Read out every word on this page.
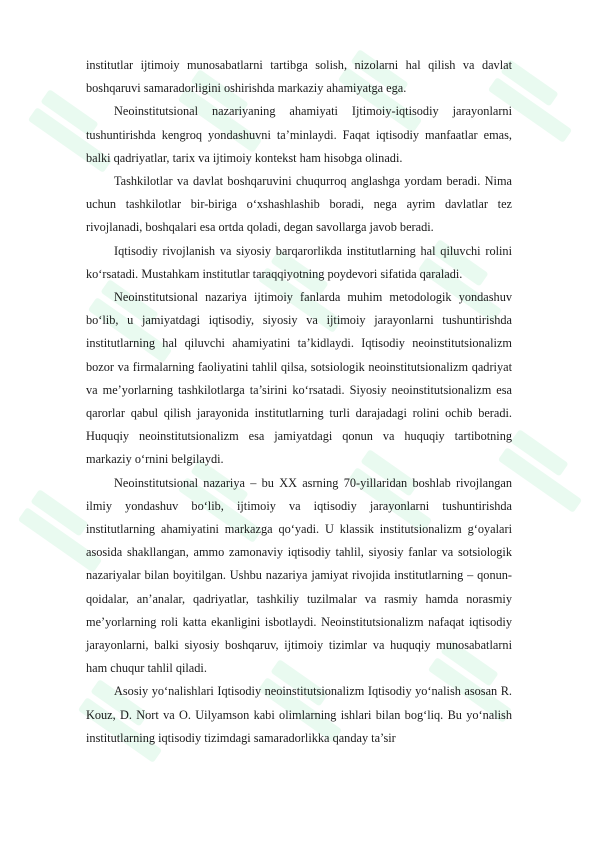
institutlar ijtimoiy munosabatlarni tartibga solish, nizolarni hal qilish va davlat boshqaruvi samaradorligini oshirishda markaziy ahamiyatga ega.

Neoinstitutsional nazariyaning ahamiyati Ijtimoiy-iqtisodiy jarayonlarni tushuntirishda kengroq yondashuvni ta’minlaydi. Faqat iqtisodiy manfaatlar emas, balki qadriyatlar, tarix va ijtimoiy kontekst ham hisobga olinadi.

Tashkilotlar va davlat boshqaruvini chuqurroq anglashga yordam beradi. Nima uchun tashkilotlar bir-biriga o‘xshashlashib boradi, nega ayrim davlatlar tez rivojlanadi, boshqalari esa ortda qoladi, degan savollarga javob beradi.

Iqtisodiy rivojlanish va siyosiy barqarorlikda institutlarning hal qiluvchi rolini ko‘rsatadi. Mustahkam institutlar taraqqiyotning poydevori sifatida qaraladi.

Neoinstitutsional nazariya ijtimoiy fanlarda muhim metodologik yondashuv bo‘lib, u jamiyatdagi iqtisodiy, siyosiy va ijtimoiy jarayonlarni tushuntirishda institutlarning hal qiluvchi ahamiyatini ta’kidlaydi. Iqtisodiy neoinstitutsionalizm bozor va firmalarning faoliyatini tahlil qilsa, sotsiologik neoinstitutsionalizm qadriyat va me’yorlarning tashkilotlarga ta’sirini ko‘rsatadi. Siyosiy neoinstitutsionalizm esa qarorlar qabul qilish jarayonida institutlarning turli darajadagi rolini ochib beradi. Huquqiy neoinstitutsionalizm esa jamiyatdagi qonun va huquqiy tartibotning markaziy o‘rnini belgilaydi.

Neoinstitutsional nazariya – bu XX asrning 70-yillaridan boshlab rivojlangan ilmiy yondashuv bo‘lib, ijtimoiy va iqtisodiy jarayonlarni tushuntirishda institutlarning ahamiyatini markazga qo‘yadi. U klassik institutsionalizm g‘oyalari asosida shakllangan, ammo zamonaviy iqtisodiy tahlil, siyosiy fanlar va sotsiologik nazariyalar bilan boyitilgan. Ushbu nazariya jamiyat rivojida institutlarning – qonun-qoidalar, an’analar, qadriyatlar, tashkiliy tuzilmalar va rasmiy hamda norasmiy me’yorlarning roli katta ekanligini isbotlaydi. Neoinstitutsionalizm nafaqat iqtisodiy jarayonlarni, balki siyosiy boshqaruv, ijtimoiy tizimlar va huquqiy munosabatlarni ham chuqur tahlil qiladi.

Asosiy yo‘nalishlari Iqtisodiy neoinstitutsionalizm Iqtisodiy yo‘nalish asosan R. Kouz, D. Nort va O. Uilyamson kabi olimlarning ishlari bilan bog‘liq. Bu yo‘nalish institutlarning iqtisodiy tizimdagi samaradorlikka qanday ta’sir
